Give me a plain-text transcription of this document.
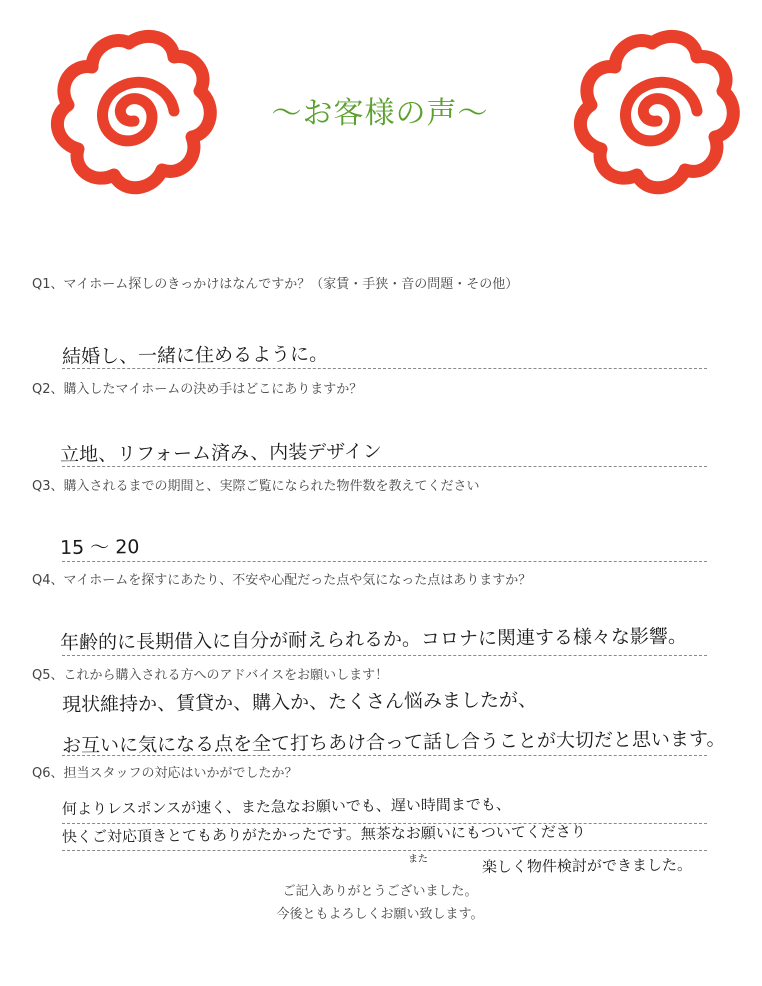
～お客様の声～
Q1、マイホーム探しのきっかけはなんですか？（家賃・手狭・音の問題・その他）
結婚し、一緒に住めるように。
Q2、購入したマイホームの決め手はどこにありますか？
立地、リフォーム済み、内装デザイン
Q3、購入されるまでの期間と、実際ご覧になられた物件数を教えてください
15 〜 20
Q4、マイホームを探すにあたり、不安や心配だった点や気になった点はありますか？
年齢的に長期借入に自分が耐えられるか。コロナに関連する様々な影響。
Q5、これから購入される方へのアドバイスをお願いします！
現状維持か、賃貸か、購入か、たくさん悩みましたが、
お互いに気になる点を全て打ちあけ合って話し合うことが大切だと思います。
Q6、担当スタッフの対応はいかがでしたか？
何よりレスポンスが速く、また急なお願いでも、遅い時間までも、
快くご対応頂きとてもありがたかったです。無茶なお願いにもついてくださり
また	楽しく物件検討ができました。
ご記入ありがとうございました。
今後ともよろしくお願い致します。
